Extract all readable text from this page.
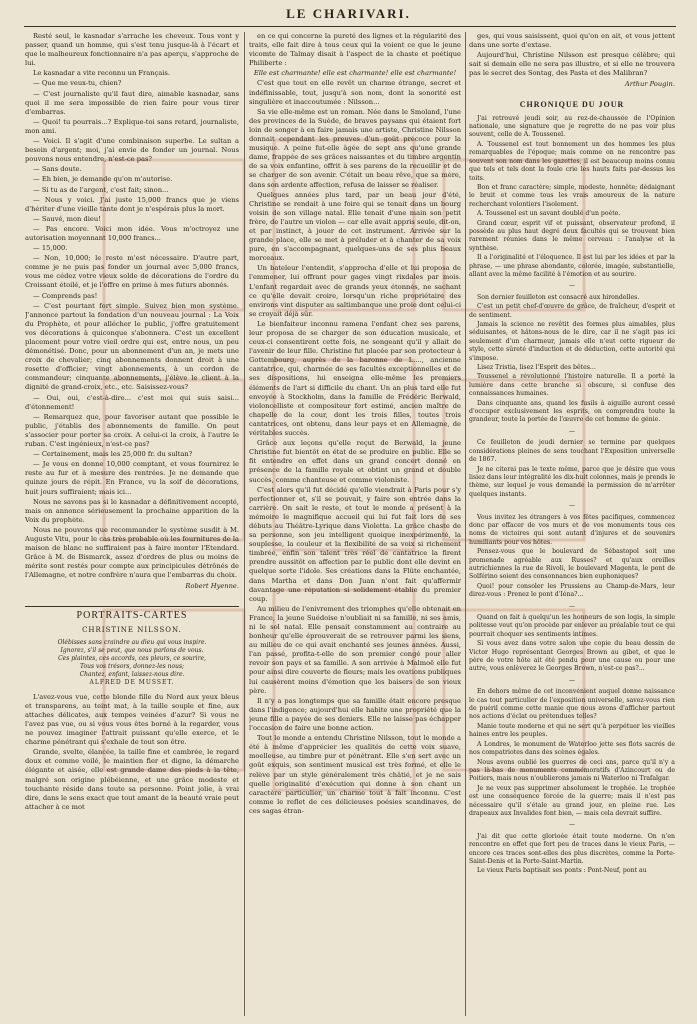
LE CHARIVARI.

Resté seul, le kasnadar s'arrache les cheveux. Tous vont y passer, quand un homme, qui s'est tenu jusque-là à l'écart et que le malheureux fonctionnaire n'a pas aperçu, s'approche de lui.

Le kasnadar a vite reconnu un Français.

— Que me veux-tu, chien?

— C'est journaliste qu'il faut dire, aimable kasnadar, sans quoi il me sera impossible de rien faire pour vous tirer d'embarras.

— Quoi! tu pourrais...? Explique-toi sans retard, journaliste, mon ami.

— Voici. Il s'agit d'une combinaison superbe. Le sultan a besoin d'argent; moi, j'ai envie de fonder un journal. Nous pouvons nous entendre, n'est-ce pas?

— Sans doute.

— Eh bien, je demande qu'on m'autorise.

— Si tu as de l'argent, c'est fait; sinon...

— Nous y voici. J'ai juste 15,000 francs que je viens d'hériter d'une vieille tante dont je n'espérais plus la mort.

— Sauvé, mon dieu!

— Pas encore. Voici mon idée. Vous m'octroyez une autorisation moyennant 10,000 francs...

— 15,000.

— Non, 10,000; le reste m'est nécessaire. D'autre part, comme je ne puis pas fonder un journal avec 5,000 francs, vous me cédez votre vieux solde de décorations de l'ordre du Croissant étoilé, et je l'offre en prime à mes futurs abonnés.

— Comprends pas!

— C'est pourtant fort simple. Suivez bien mon système. J'annonce partout la fondation d'un nouveau journal : La Voix du Prophète, et pour allécher le public, j'offre gratuitement vos décorations à quiconque s'abonnera. C'est un excellent placement pour votre vieil ordre qui est, entre nous, un peu démonétisé. Donc, pour un abonnement d'un an, je mets une croix de chevalier; cinq abonnements donnent droit à une rosette d'officier; vingt abonnements, à un cordon de commandeur; cinquante abonnements, j'élève le client à la dignité de grand-croix, etc., etc. Saisissez-vous?

— Oui, oui, c'est-à-dire... c'est moi qui suis saisi... d'étonnement!

— Remarquez que, pour favoriser autant que possible le public, j'établis des abonnements de famille. On peut s'associer pour porter sa croix. A celui-ci la croix, à l'autre le ruban. C'est ingénieux, n'est-ce pas?

— Certainement, mais les 25,000 fr. du sultan?

— Je vous en donne 10,000 comptant, et vous fournirez le reste au fur et à mesure des rentrées. Je ne demande que quinze jours de répit. En France, vu la soif de décorations, huit jours suffiraient; mais ici...

Nous ne savons pas si le kasnadar a définitivement accepté, mais on annonce sérieusement la prochaine apparition de la Voix du prophète.

Nous ne pouvons que recommander le système susdit à M. Auguste Vitu, pour le cas très probable où les fournitures de la maison de blanc ne suffiraient pas à faire monter l'Etendard. Grâce à M. de Bismarck, assez d'ordres de plus ou moins de mérite sont restés pour compte aux principicules détrônés de l'Allemagne, et notre confrère n'aura que l'embarras du choix.

Robert Hyenne.
PORTRAITS-CARTES
CHRISTINE NILSSON.
Olébisses sans craindre au dieu qui vous inspire.
Ignorez, s'il se peut, que nous parlons de vous.
Ces plaintes, ces accords, ces pleurs, ce sourire,
Tous vos trésors, donnez-les nous;
Chantez, enfant, laissez-nous dire.
ALFRED DE MUSSET.

L'avez-vous vue, cette blonde fille du Nord aux yeux bleus et transparens, au teint mat, à la taille souple et fine, aux attaches délicates, aux tempes veinées d'azur? Si vous ne l'avez pas vue, ou si vous vous êtes borné à la regarder, vous ne pouvez imaginer l'attrait puissant qu'elle exerce, et le charme pénétrant qui s'exhale de tout son être.

Grande, svelte, élancée, la taille fine et cambrée, le regard doux et comme voilé, le maintien fier et digne, la démarche élégante et aisée, elle est grande dame des pieds à la tête, malgré son origine plébéienne, et une grâce modeste et touchante réside dans toute sa personne. Point jolie, à vrai dire, dans le sens exact que tout amant de la beauté vraie peut attacher à ce mot

en ce qui concerne la pureté des lignes et la régularité des traits, elle fait dire à tous ceux qui la voient ce que le jeune vicomte de Talmay disait à l'aspect de la chaste et poétique Philiberte :

Elle est charmante! elle est charmante! elle est charmante!

C'est que tout en elle revêt un charme étrange, secret et indéfinissable, tout, jusqu'à son nom, dont la sonorité est singulière et inaccoutumée : Nilsson...

Sa vie elle-même est un roman. Née dans le Smoland, l'une des provinces de la Suède, de braves paysans qui étaient fort loin de songer à en faire jamais une artiste, Christine Nilsson donnait cependant les preuves d'un goût précoce pour la musique. A peine fut-elle âgée de sept ans qu'une grande dame, frappée de ses grâces naissantes et du timbre argentin de sa voix enfantine, offrit à ses parens de la recueillir et de se charger de son avenir. C'était un beau rêve, que sa mère, dans son ardente affection, refusa de laisser se réaliser.

Quelques années plus tard, par un beau jour d'été, Christine se rendait à une foire qui se tenait dans un bourg voisin de son village natal. Elle tenait d'une main son petit frère, de l'autre un violon — car elle avait appris seule, dit-on, et par instinct, à jouer de cet instrument. Arrivée sur la grande place, elle se met à préluder et à chanter de sa voix pure, en s'accompagnant, quelques-uns de ses plus beaux morceaux.

Un bateleur l'entendit, s'approcha d'elle et lui proposa de l'emmener, lui offrant pour gages vingt rixdales par mois. L'enfant regardait avec de grands yeux étonnés, ne sachant ce qu'elle devait croire, lorsqu'un riche propriétaire des environs vint disputer au saltimbanque une proie dont celui-ci se croyait déjà sûr.

Le bienfaiteur inconnu ramena l'enfant chez ses parens, leur proposa de se charger de son éducation musicale, et ceux-ci consentirent cette fois, ne songeant qu'il y allait de l'avenir de leur fille. Christine fut placée par son protecteur à Gottembourg, auprès de la baronne de L...., ancienne cantatrice, qui, charmée de ses facultés exceptionnelles et de ses dispositions, lui enseigna elle-même les premiers éléments de l'art si difficile du chant. Un an plus tard elle fut envoyée à Stockholm, dans la famille de Frédéric Berwald, violoncelliste et compositeur fort estimé, ancien maître de chapelle de la cour, dont les trois filles, toutes trois cantatrices, ont obtenu, dans leur pays et en Allemagne, de véritables succès.

Grâce aux leçons qu'elle reçut de Berwald, la jeune Christine fut bientôt en état de se produire en public. Elle se fit entendre en effet dans un grand concert donné en présence de la famille royale et obtint un grand et double succès, comme chanteuse et comme violoniste.

C'est alors qu'il fut décidé qu'elle viendrait à Paris pour s'y perfectionner et, s'il se pouvait, y faire son entrée dans la carrière. On sait le reste, et tout le monde a présent à la mémoire le magnifique accueil qui lui fut fait lors de ses débuts au Théâtre-Lyrique dans Violetta. La grâce chaste de sa personne, son jeu intelligent quoique inexpérimenté, la souplesse, la couleur et la flexibilité de sa voix si richement timbrée, enfin son talent très réel de cantatrice la firent prendre aussitôt en affection par le public dont elle devint en quelque sorte l'idole. Ses créations dans la Flûte enchantée, dans Martha et dans Don Juan n'ont fait qu'affermir davantage une réputation si solidement établie du premier coup.

Au milieu de l'enivrement des triomphes qu'elle obtenait en France, la jeune Suédoise n'oubliait ni sa famille, ni ses amis, ni le sol natal. Elle pensait constamment au contraire au bonheur qu'elle éprouverait de se retrouver parmi les siens, au milieu de ce qui avait enchanté ses jeunes années. Aussi, l'an passé, profita-t-elle de son premier congé pour aller revoir son pays et sa famille. A son arrivée à Malmoë elle fut pour ainsi dire couverte de fleurs; mais les ovations publiques lui causèrent moins d'émotion que les baisers de son vieux père.

Il n'y a pas longtemps que sa famille était encore presque dans l'indigence; aujourd'hui elle habite une propriété que la jeune fille a payée de ses deniers. Elle ne laisse pas échapper l'occasion de faire une bonne action.

Tout le monde a entendu Christine Nilsson, tout le monde a été à même d'apprécier les qualités de cette voix suave, moelleuse, au timbre pur et pénétrant. Elle s'en sert avec un goût exquis, son sentiment musical est très formé, et elle le relève par un style généralement très châtié, et je ne sais quelle originalité d'exécution qui donne à son chant un caractère particulier, un charme tout à fait inconnu. C'est comme le reflet de ces délicieuses poésies scandinaves, de ces sagas étran-

ges, qui vous saisissent, quoi qu'on en ait, et vous jettent dans une sorte d'extase.

Aujourd'hui, Christine Nilsson est presque célèbre; qui sait si demain elle ne sera pas illustre, et si elle ne trouvera pas le secret des Sontag, des Pasta et des Malibran?

Arthur Pougin.
CHRONIQUE DU JOUR

J'ai retrouvé jeudi soir, au rez-de-chaussée de l'Opinion nationale, une signature que je regrette de ne pas voir plus souvent, celle de A. Toussenel.

A. Toussenel est tout bonnement un des hommes les plus remarquables de l'époque; mais comme on ne rencontre pas souvent son nom dans les gazettes, il est beaucoup moins connu que tels et tels dont la foule crie les hauts faits par-dessus les toits.

Bon et franc caractère; simple, modeste, honnête; dédaignant le bruit et comme tous les vrais amoureux de la nature recherchant volontiers l'isolement.

A. Toussenel est un savant doublé d'un poète.

Grand cœur, esprit vif et puissant, observateur profond, il possède au plus haut degré deux facultés qui se trouvent bien rarement réunies dans le même cerveau : l'analyse et la synthèse.

Il a l'originalité et l'éloquence. Il est lui par les idées et par la phrase, — une phrase abondante, colorée, imagée, substantielle, allant avec la même facilité à l'émotion et au sourire.

—

Son dernier feuilleton est consacré aux hirondelles.

C'est un petit chef-d'œuvre de grâce, de fraîcheur, d'esprit et de sentiment.

Jamais la science ne revêtit des formes plus aimables, plus séduisantes, et hâtons-nous de le dire, car il ne s'agit pas ici seulement d'un charmeur, jamais elle n'eut cette rigueur de style, cette sûreté d'induction et de déduction, cette autorité qui s'impose.

Lisez Tristia, lisez l'Esprit des bêtes...

Toussenel a révolutionné l'histoire naturelle. Il a porté la lumière dans cette branche si obscure, si confuse des connaissances humaines.

Dans cinquante ans, quand les fusils à aiguille auront cessé d'occuper exclusivement les esprits, on comprendra toute la grandeur, toute la portée de l'œuvre de cet homme de génie.

—

Ce feuilleton de jeudi dernier se termine par quelques considérations pleines de sens touchant l'Exposition universelle de 1867.

Je ne citerai pas le texte même, parce que je désire que vous lisiez dans leur intégralité les dix-huit colonnes, mais je prends le thème, sur lequel je vous demande la permission de m'arrêter quelques instants.

—

Vous invitez les étrangers à vos fêtes pacifiques, commencez donc par effacer de vos murs et de vos monuments tous ces noms de victoires qui sont autant d'injures et de souvenirs humiliants pour vos hôtes.

Pensez-vous que le boulevard de Sébastopol soit une promenade agréable aux Russes? et qu'aux oreilles autrichiennes la rue de Rivoli, le boulevard Magenta, le pont de Solférino soient des consonnances bien euphoniques?

Quoi! pour consoler les Prussiens au Champ-de-Mars, leur direz-vous : Prenez le pont d'Iéna?...

—

Quand on fait à quelqu'un les honneurs de son logis, la simple politesse veut qu'on procède par enlever au préalable tout ce qui pourrait choquer ses sentiments intimes.

Si vous avez dans votre salon une copie du beau dessin de Victor Hugo représentant Georges Brown au gibet, et que le père de votre hôte ait été pendu pour une cause ou pour une autre, vous enlèverez le Georges Brown, n'est-ce pas?...

—

En dehors même de cet inconvénient auquel donne naissance le cas tout particulier de l'exposition universelle, savez-vous rien de puéril comme cette manie que nous avons d'afficher partout nos actions d'éclat ou prétendues telles?

Manie toute moderne et qui ne sert qu'à perpétuer les vieilles haines entre les peuples.

A Londres, le monument de Waterloo jette ses flots sacrés de nos compatriotes dans des scènes égales.

Nous avons oublié les guerres de ceci ans, parce qu'il n'y a pas là-bas de monuments commémoratifs d'Azincourt ou de Poitiers, mais nous n'oublierons jamais ni Waterloo ni Trafalgar.

Je ne veux pas supprimer absolument le trophée. Le trophée est une conséquence forcée de la guerre; mais il n'est pas nécessaire qu'il s'étale au grand jour, en pleine rue. Les drapeaux aux Invalides font bien, — mais cela devrait suffire.

—

J'ai dit que cette glorioée était toute moderne. On n'en rencontre en effet que fort peu de traces dans le vieux Paris, — encore ces traces sont-elles des plus discrètes, comme la Porte-Saint-Denis et la Porte-Saint-Martin.

Le vieux Paris baptisait ses ponts : Pont-Neuf, pont au
